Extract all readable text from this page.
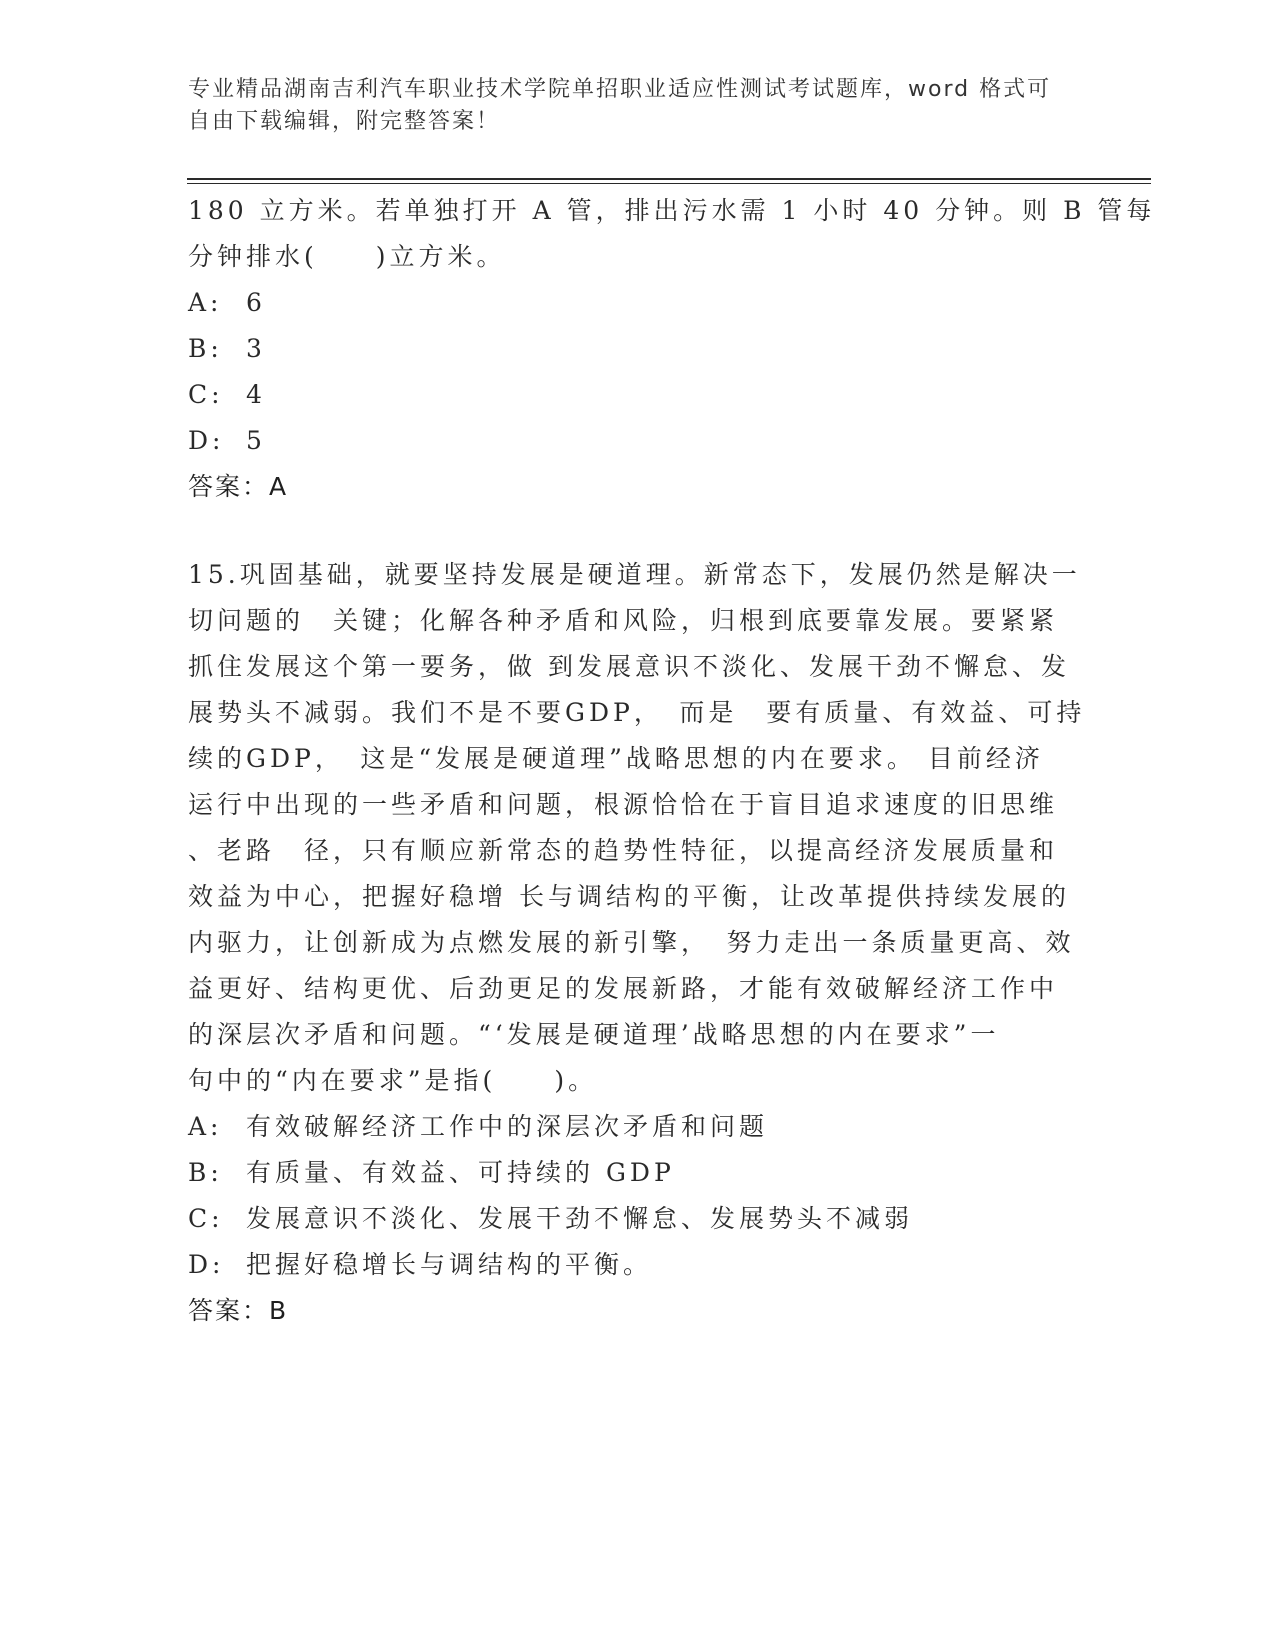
专业精品湖南吉利汽车职业技术学院单招职业适应性测试考试题库，word 格式可
自由下载编辑，附完整答案！
180 立方米。若单独打开 A 管，排出污水需 1 小时 40 分钟。则 B 管每
分钟排水(　　)立方米。
A: 6
B: 3
C: 4
D: 5
答案：A
15.巩固基础，就要坚持发展是硬道理。新常态下，发展仍然是解决一
切问题的　关键；化解各种矛盾和风险，归根到底要靠发展。要紧紧
抓住发展这个第一要务，做 到发展意识不淡化、发展干劲不懈怠、发
展势头不减弱。我们不是不要GDP，　而是　要有质量、有效益、可持
续的GDP，　这是“发展是硬道理”战略思想的内在要求。 目前经济
运行中出现的一些矛盾和问题，根源恰恰在于盲目追求速度的旧思维
、老路　径，只有顺应新常态的趋势性特征，以提高经济发展质量和
效益为中心，把握好稳增 长与调结构的平衡，让改革提供持续发展的
内驱力，让创新成为点燃发展的新引擎，　努力走出一条质量更高、效
益更好、结构更优、后劲更足的发展新路，才能有效破解经济工作中
的深层次矛盾和问题。“‘发展是硬道理’战略思想的内在要求”一
句中的“内在要求”是指(　　)。
A: 有效破解经济工作中的深层次矛盾和问题
B: 有质量、有效益、可持续的 GDP
C: 发展意识不淡化、发展干劲不懈怠、发展势头不减弱
D: 把握好稳增长与调结构的平衡。
答案：B
